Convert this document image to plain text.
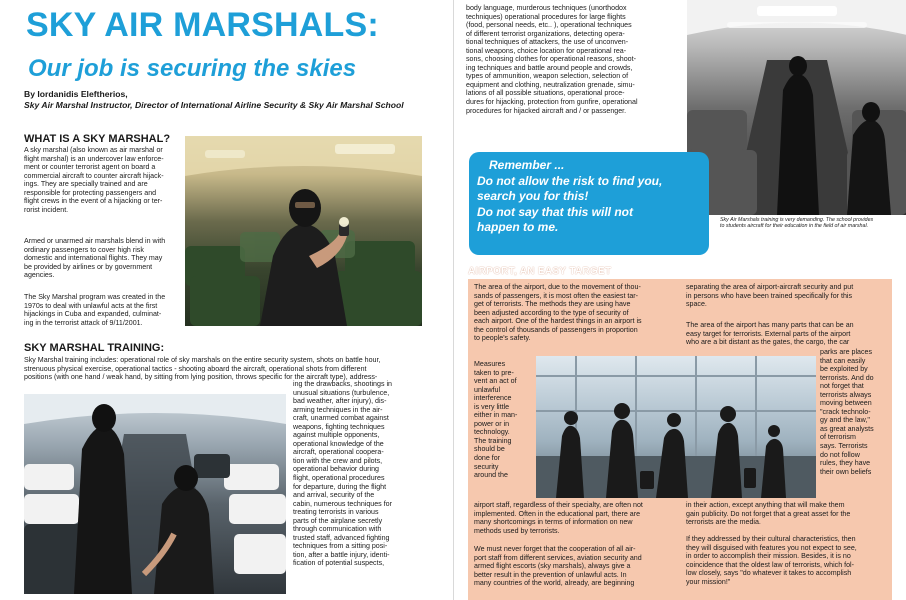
SKY AIR MARSHALS:
Our job is securing the skies
By Iordanidis Eleftherios,
Sky Air Marshal Instructor, Director of International Airline Security & Sky Air Marshal School
WHAT IS A SKY MARSHAL?
A sky marshal (also known as air marshal or
flight marshal) is an undercover law enforce-
ment or counter terrorist agent on board a
commercial aircraft to counter aircraft hijack-
ings. They are specially trained and are
responsible for protecting passengers and
flight crews in the event of a hijacking or ter-
rorist incident.
Armed or unarmed air marshals blend in with
ordinary passengers to cover high risk
domestic and international flights. They may
be provided by airlines or by government
agencies.
The Sky Marshal program was created in the
1970s to deal with unlawful acts at the first
hijackings in Cuba and expanded, culminat-
ing in the terrorist attack of 9/11/2001.
SKY MARSHAL TRAINING:
Sky Marshal training includes: operational role of sky marshals on the entire security system, shots on battle hour,
strenuous physical exercise, operational tactics - shooting aboard the aircraft, operational shots from different
positions (with one hand / weak hand, by sitting from lying position, throws specific for the aircraft type), address-
ing the drawbacks, shootings in
unusual situations (turbulence,
bad weather, after injury), dis-
arming techniques in the air-
craft, unarmed combat against
weapons, fighting techniques
against multiple opponents,
operational knowledge of the
aircraft, operational coopera-
tion with the crew and pilots,
operational behavior during
flight, operational procedures
for departure, during the flight
and arrival, security of the
cabin, numerous techniques for
treating terrorists in various
parts of the airplane secretly
through communication with
trusted staff, advanced fighting
techniques from a sitting posi-
tion, after a battle injury, identi-
fication of potential suspects,
body language, murderous techniques (unorthodox
techniques) operational procedures for large flights
(food, personal needs, etc.. ), operational techniques
of different terrorist organizations, detecting opera-
tional techniques of attackers, the use of unconven-
tional weapons, choice location for operational rea-
sons, choosing clothes for operational reasons, shoot-
ing techniques and battle around people and crowds,
types of ammunition, weapon selection, selection of
equipment and clothing, neutralization grenade, simu-
lations of all possible situations, operational proce-
dures for hijacking, protection from gunfire, operational
procedures for hijacked aircraft and / or passenger.

Remember ...

Do not allow the risk to find you,

search you for this!

Do not say that this will not

happen to me.	Sky Air Marshals training is very demanding. The school provides
to students aircraft for their education in the field of air marshal.
AIRPORT, AN EASY TARGET
The area of the airport, due to the movement of thou-
sands of passengers, it is most often the easiest tar-
get of terrorists. The methods they are using have
been adjusted according to the type of security of
each airport. One of the hardest things in an airport is
the control of thousands of passengers in proportion
to people's safety.
Measures
taken to pre-
vent an act of
unlawful
interference
is very little
either in man-
power or in
technology.
The training
should be
done for
security
around the
airport staff, regardless of their specialty, are often not
implemented. Often in the educational part, there are
many shortcomings in terms of information on new
methods used by terrorists.
We must never forget that the cooperation of all air-
port staff from different services, aviation security and
armed flight escorts (sky marshals), always give a
better result in the prevention of unlawful acts. In
many countries of the world, already, are beginning
separating the area of airport-aircraft security and put
in persons who have been trained specifically for this
space.
The area of the airport has many parts that can be an
easy target for terrorists. External parts of the airport
who are a bit distant as the gates, the cargo, the car
parks are places
that can easily
be exploited by
terrorists. And do
not forget that
terrorists always
moving between
"crack technolo-
gy and the law,"
as great analysts
of terrorism
says. Terrorists
do not follow
rules, they have
their own beliefs
in their action, except anything that will make them
gain publicity. Do not forget that a great asset for the
terrorists are the media.
If they addressed by their cultural characteristics, then
they will disguised with features you not expect to see,
in order to accomplish their mission. Besides, it is no
coincidence that the oldest law of terrorists, which fol-
low closely, says "do whatever it takes to accomplish
your mission!"
